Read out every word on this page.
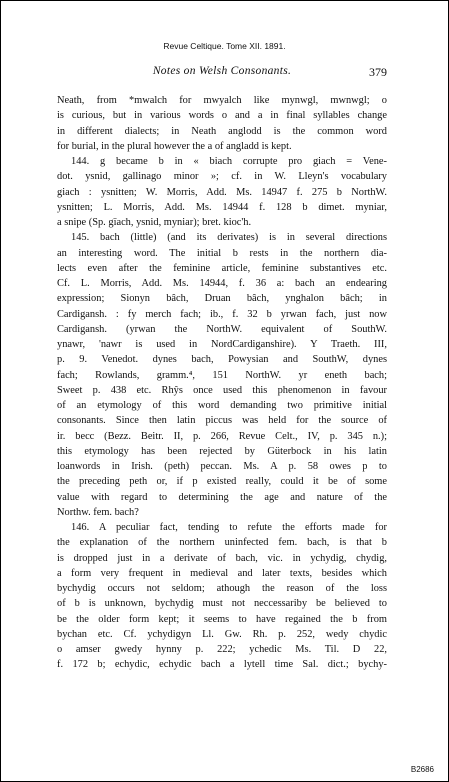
Revue Celtique. Tome XII. 1891.
Notes on Welsh Consonants.	379
Neath, from *mwalch for mwyalch like mynwgl, mwnwgl; o
is curious, but in various words o and a in final syllables change
in different dialects; in Neath anglodd is the common word
for burial, in the plural however the a of angladd is kept.
144. g became b in « biach corrupte pro giach = Vene-
dot. ysnid, gallinago minor »; cf. in W. Lleyn's vocabulary
giach : ysnitten; W. Morris, Add. Ms. 14947 f. 275 b NorthW.
ysnitten; L. Morris, Add. Ms. 14944 f. 128 b dimet. myniar,
a snipe (Sp. gïach, ysnid, myniar); bret. kioc'h.
145. bach (little) (and its derivates) is in several directions
an interesting word. The initial b rests in the northern dia-
lects even after the feminine article, feminine substantives etc.
Cf. L. Morris, Add. Ms. 14944, f. 36 a: bach an endearing
expression; Sionyn bâch, Druan bâch, ynghalon bâch; in
Cardigansh. : fy merch fach; ib., f. 32 b yrwan fach, just now
Cardigansh. (yrwan the NorthW. equivalent of SouthW.
ynawr, 'nawr is used in NordCardiganshire). Y Traeth. III,
p. 9. Venedot. dynes bach, Powysian and SouthW, dynes
fach; Rowlands, gramm.⁴, 151 NorthW. yr eneth bach;
Sweet p. 438 etc. Rhŷs once used this phenomenon in favour
of an etymology of this word demanding two primitive initial
consonants. Since then latin piccus was held for the source of
ir. becc (Bezz. Beitr. II, p. 266, Revue Celt., IV, p. 345 n.);
this etymology has been rejected by Güterbock in his latin
loanwords in Irish. (peth) peccan. Ms. A p. 58 owes p to
the preceding peth or, if p existed really, could it be of some
value with regard to determining the age and nature of the
Northw. fem. bach?
146. A peculiar fact, tending to refute the efforts made for
the explanation of the northern uninfected fem. bach, is that b
is dropped just in a derivate of bach, vic. in ychydig, chydig,
a form very frequent in medieval and later texts, besides which
bychydig occurs not seldom; athough the reason of the loss
of b is unknown, bychydig must not neccessariby be believed to
be the older form kept; it seems to have regained the b from
bychan etc. Cf. ychydigyn Ll. Gw. Rh. p. 252, wedy chydic
o amser gwedy hynny p. 222; ychedic Ms. Til. D 22,
f. 172 b; echydic, echydic bach a lytell time Sal. dict.; bychy-
B2686
